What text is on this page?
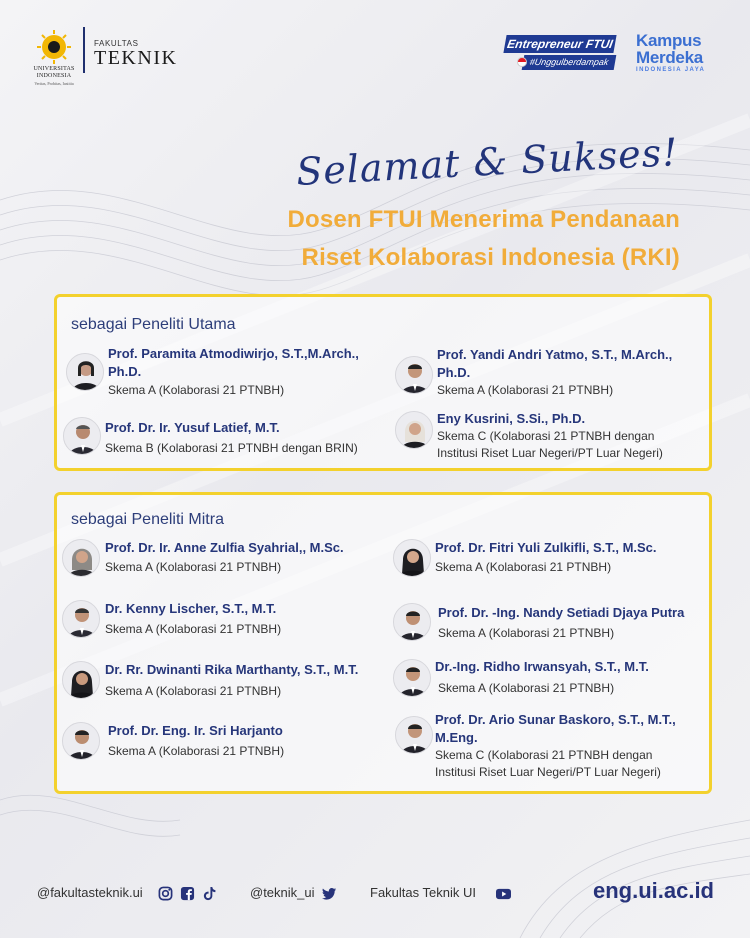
UNIVERSITAS INDONESIA
Veritas, Probitas, Iustitia
FAKULTAS
TEKNIK
Entrepreneur FTUI
#Unggulberdampak
Kampus
Merdeka
INDONESIA JAYA
Selamat & Sukses!
Dosen FTUI Menerima Pendanaan
Riset Kolaborasi Indonesia (RKI)
sebagai Peneliti Utama
Prof. Paramita Atmodiwirjo, S.T.,M.Arch.,
Ph.D.
Skema A (Kolaborasi 21 PTNBH)
Prof. Dr. Ir. Yusuf Latief, M.T.
Skema B (Kolaborasi 21 PTNBH dengan BRIN)
Prof. Yandi Andri Yatmo, S.T., M.Arch.,
Ph.D.
Skema A (Kolaborasi 21 PTNBH)
Eny Kusrini, S.Si., Ph.D.
Skema C (Kolaborasi 21 PTNBH dengan
Institusi Riset Luar Negeri/PT Luar Negeri)
sebagai Peneliti Mitra
Prof. Dr. Ir. Anne Zulfia Syahrial,, M.Sc.
Skema A (Kolaborasi 21 PTNBH)
Dr. Kenny Lischer, S.T., M.T.
Skema A (Kolaborasi 21 PTNBH)
Dr. Rr. Dwinanti Rika Marthanty, S.T., M.T.
Skema A (Kolaborasi 21 PTNBH)
Prof. Dr. Eng. Ir. Sri Harjanto
Skema A (Kolaborasi 21 PTNBH)
Prof. Dr. Fitri Yuli Zulkifli, S.T., M.Sc.
Skema A (Kolaborasi 21 PTNBH)
Prof. Dr. -Ing. Nandy Setiadi Djaya Putra
Skema A (Kolaborasi 21 PTNBH)
Dr.-Ing. Ridho Irwansyah, S.T., M.T.
Skema A (Kolaborasi 21 PTNBH)
Prof. Dr. Ario Sunar Baskoro, S.T., M.T.,
M.Eng.
Skema C (Kolaborasi 21 PTNBH dengan
Institusi Riset Luar Negeri/PT Luar Negeri)
@fakultasteknik.ui	@teknik_ui	Fakultas Teknik UI	eng.ui.ac.id
